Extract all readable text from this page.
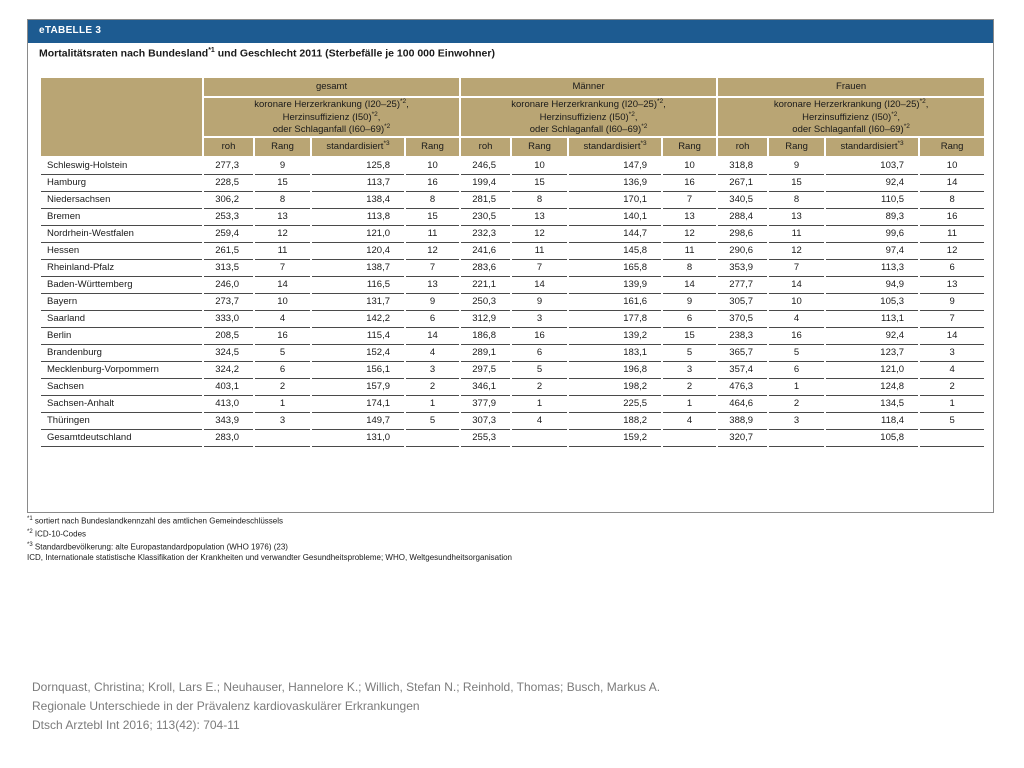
eTABELLE 3
Mortalitätsraten nach Bundesland$^{*1}$ und Geschlecht 2011 (Sterbefälle je 100 000 Einwohner)
	gesamt				Männer				Frauen			
	koronare Herzerkrankung $(I20-25)^{*2}$,
Herzinsuffizienz $(I50)^{*2}$,
oder Schlaganfall $(I60-69)^{*2}$				koronare Herzerkrankung $(I20-25)^{*2}$,
Herzinsuffizienz $(I50)^{*2}$,
oder Schlaganfall $(I60-69)^{*2}$				koronare Herzerkrankung $(I20-25)^{*2}$,
Herzinsuffizienz $(I50)^{*2}$,
oder Schlaganfall $(I60-69)^{*2}$
	roh	Rang	standardisiert$^{*3}$	Rang	roh	Rang	standardisiert$^{*3}$	Rang	roh	Rang	standardisiert$^{*3}$	Rang
Schleswig-Holstein	277,3	9	125,8	10	246,5	10	147,9	10	318,8	9	103,7	10
Hamburg	228,5	15	113,7	16	199,4	15	136,9	16	267,1	15	92,4	14
Niedersachsen	306,2	8	138,4	8	281,5	8	170,1	7	340,5	8	110,5	8
Bremen	253,3	13	113,8	15	230,5	13	140,1	13	288,4	13	89,3	16
Nordrhein-Westfalen	259,4	12	121,0	11	232,3	12	144,7	12	298,6	11	99,6	11
Hessen	261,5	11	120,4	12	241,6	11	145,8	11	290,6	12	97,4	12
Rheinland-Pfalz	313,5	7	138,7	7	283,6	7	165,8	8	353,9	7	113,3	6
Baden-Württemberg	246,0	14	116,5	13	221,1	14	139,9	14	277,7	14	94,9	13
Bayern	273,7	10	131,7	9	250,3	9	161,6	9	305,7	10	105,3	9
Saarland	333,0	4	142,2	6	312,9	3	177,8	6	370,5	4	113,1	7
Berlin	208,5	16	115,4	14	186,8	16	139,2	15	238,3	16	92,4	14
Brandenburg	324,5	5	152,4	4	289,1	6	183,1	5	365,7	5	123,7	3
Mecklenburg-Vorpommern	324,2	6	156,1	3	297,5	5	196,8	3	357,4	6	121,0	4
Sachsen	403,1	2	157,9	2	346,1	2	198,2	2	476,3	1	124,8	2
Sachsen-Anhalt	413,0	1	174,1	1	377,9	1	225,5	1	464,6	2	134,5	1
Thüringen	343,9	3	149,7	5	307,3	4	188,2	4	388,9	3	118,4	5
Gesamtdeutschland	283,0		131,0		255,3		159,2		320,7		105,8	
$^{*1}$ sortiert nach Bundeslandkennzahl des amtlichen Gemeindeschlüssels
$^{*2}$ ICD-10-Codes
$^{*3}$ Standardbevölkerung: alte Europastandardpopulation (WHO 1976) (23)
ICD, Internationale statistische Klassifikation der Krankheiten und verwandter Gesundheitsprobleme; WHO, Weltgesundheitsorganisation
Dornquast, Christina; Kroll, Lars E.; Neuhauser, Hannelore K.; Willich, Stefan N.; Reinhold, Thomas; Busch, Markus A.
Regionale Unterschiede in der Prävalenz kardiovaskulärer Erkrankungen
Dtsch Arztebl Int 2016; 113(42): 704-11
